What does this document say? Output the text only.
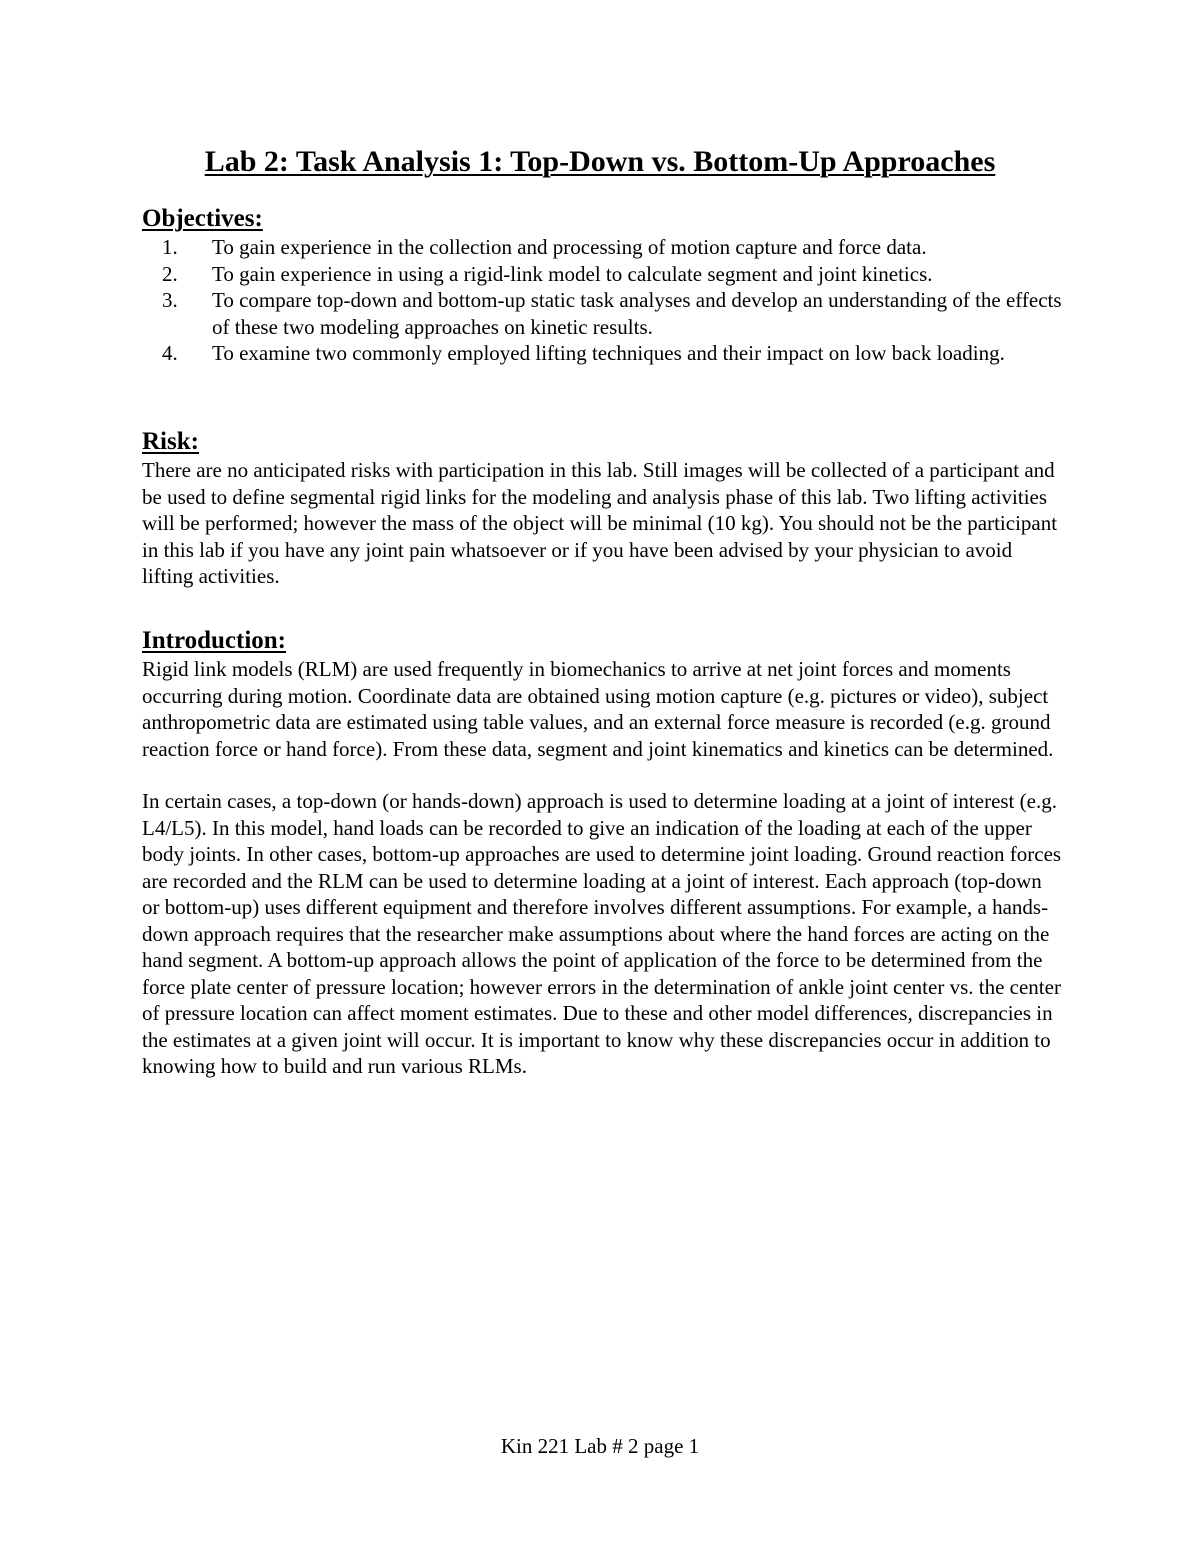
Lab 2: Task Analysis 1: Top-Down vs. Bottom-Up Approaches

Objectives:

1.	To gain experience in the collection and processing of motion capture and force data.
2.	To gain experience in using a rigid-link model to calculate segment and joint kinetics.
3.	To compare top-down and bottom-up static task analyses and develop an understanding of the effects of these two modeling approaches on kinetic results.
4.	To examine two commonly employed lifting techniques and their impact on low back loading.

Risk:

There are no anticipated risks with participation in this lab. Still images will be collected of a participant and be used to define segmental rigid links for the modeling and analysis phase of this lab. Two lifting activities will be performed; however the mass of the object will be minimal (10 kg). You should not be the participant in this lab if you have any joint pain whatsoever or if you have been advised by your physician to avoid lifting activities.

Introduction:

Rigid link models (RLM) are used frequently in biomechanics to arrive at net joint forces and moments occurring during motion. Coordinate data are obtained using motion capture (e.g. pictures or video), subject anthropometric data are estimated using table values, and an external force measure is recorded (e.g. ground reaction force or hand force). From these data, segment and joint kinematics and kinetics can be determined.

In certain cases, a top-down (or hands-down) approach is used to determine loading at a joint of interest (e.g. L4/L5). In this model, hand loads can be recorded to give an indication of the loading at each of the upper body joints. In other cases, bottom-up approaches are used to determine joint loading. Ground reaction forces are recorded and the RLM can be used to determine loading at a joint of interest. Each approach (top-down or bottom-up) uses different equipment and therefore involves different assumptions. For example, a hands-down approach requires that the researcher make assumptions about where the hand forces are acting on the hand segment. A bottom-up approach allows the point of application of the force to be determined from the force plate center of pressure location; however errors in the determination of ankle joint center vs. the center of pressure location can affect moment estimates. Due to these and other model differences, discrepancies in the estimates at a given joint will occur. It is important to know why these discrepancies occur in addition to knowing how to build and run various RLMs.

Kin 221 Lab # 2 page 1
